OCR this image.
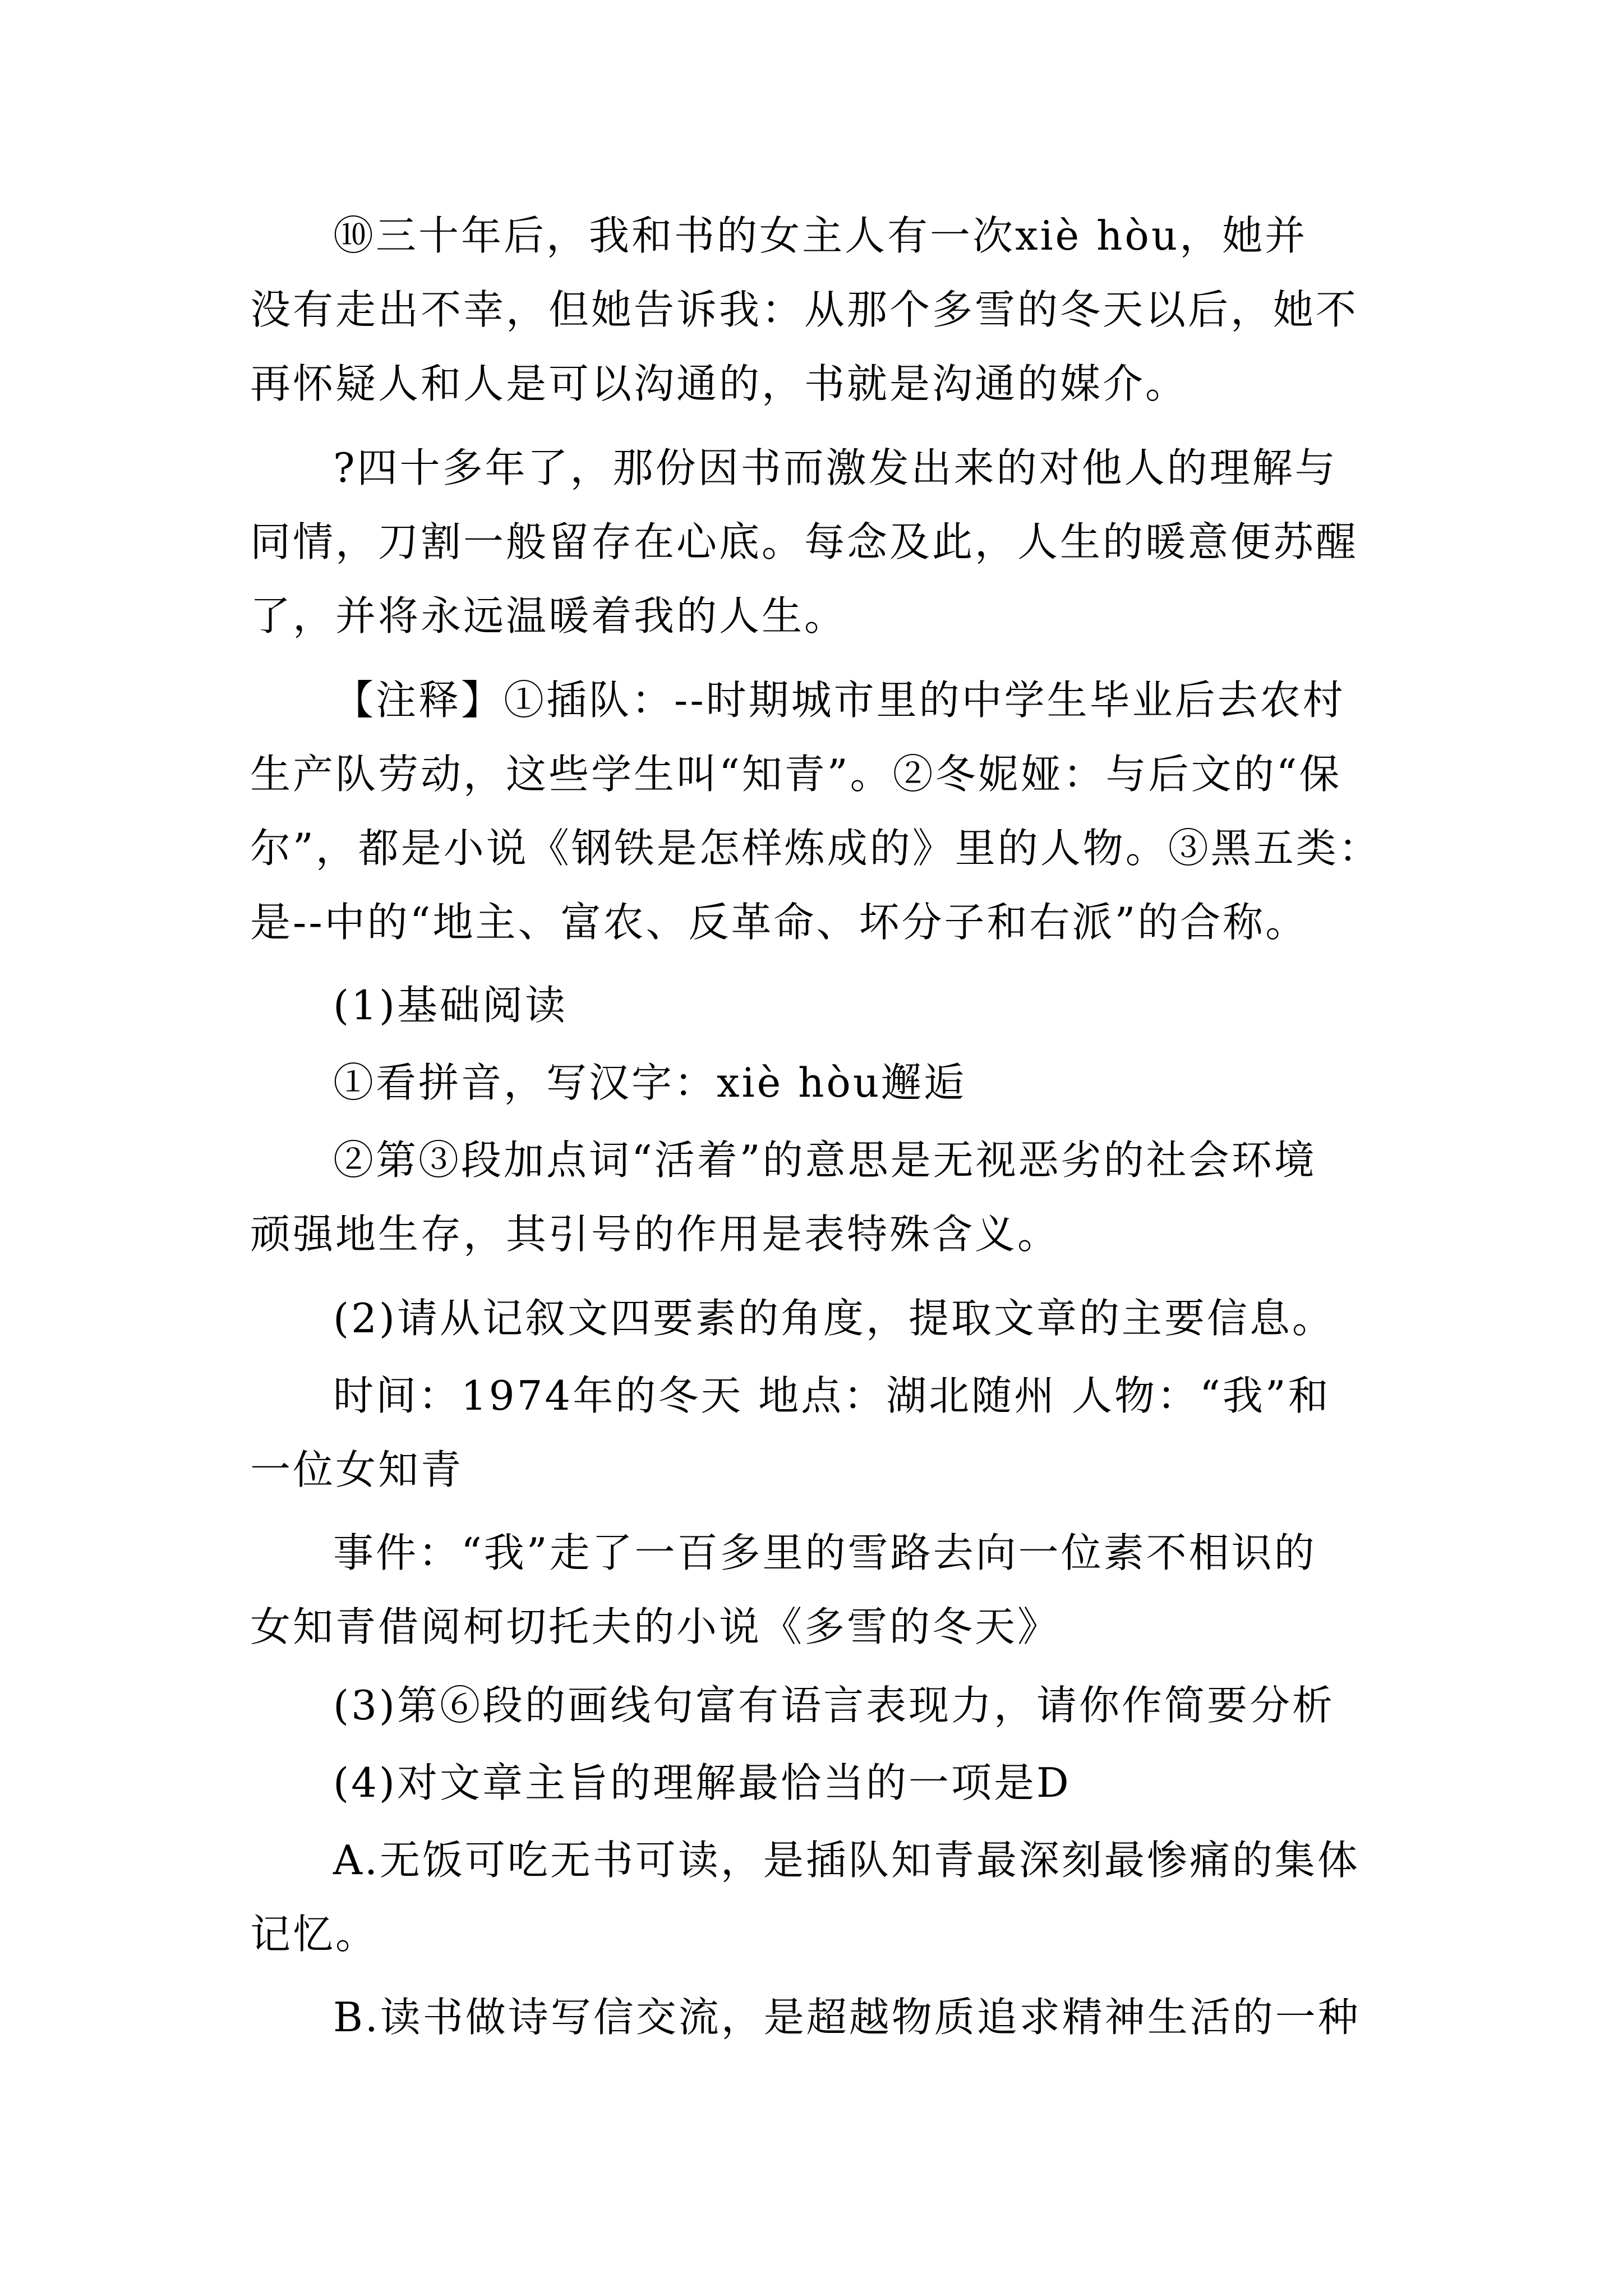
⑩三十年后，我和书的女主人有一次xiè hòu，她并
没有走出不幸，但她告诉我：从那个多雪的冬天以后，她不
再怀疑人和人是可以沟通的，书就是沟通的媒介。
?四十多年了，那份因书而激发出来的对他人的理解与
同情，刀割一般留存在心底。每念及此，人生的暖意便苏醒
了，并将永远温暖着我的人生。
【注释】①插队：--时期城市里的中学生毕业后去农村
生产队劳动，这些学生叫“知青”。②冬妮娅：与后文的“保
尔”，都是小说《钢铁是怎样炼成的》里的人物。③黑五类：
是--中的“地主、富农、反革命、坏分子和右派”的合称。
(1)基础阅读
①看拼音，写汉字：xiè hòu邂逅
②第③段加点词“活着”的意思是无视恶劣的社会环境
顽强地生存，其引号的作用是表特殊含义。
(2)请从记叙文四要素的角度，提取文章的主要信息。
时间：1974年的冬天 地点：湖北随州 人物：“我”和
一位女知青
事件：“我”走了一百多里的雪路去向一位素不相识的
女知青借阅柯切托夫的小说《多雪的冬天》
(3)第⑥段的画线句富有语言表现力，请你作简要分析
(4)对文章主旨的理解最恰当的一项是D
A.无饭可吃无书可读，是插队知青最深刻最惨痛的集体
记忆。
B.读书做诗写信交流，是超越物质追求精神生活的一种
